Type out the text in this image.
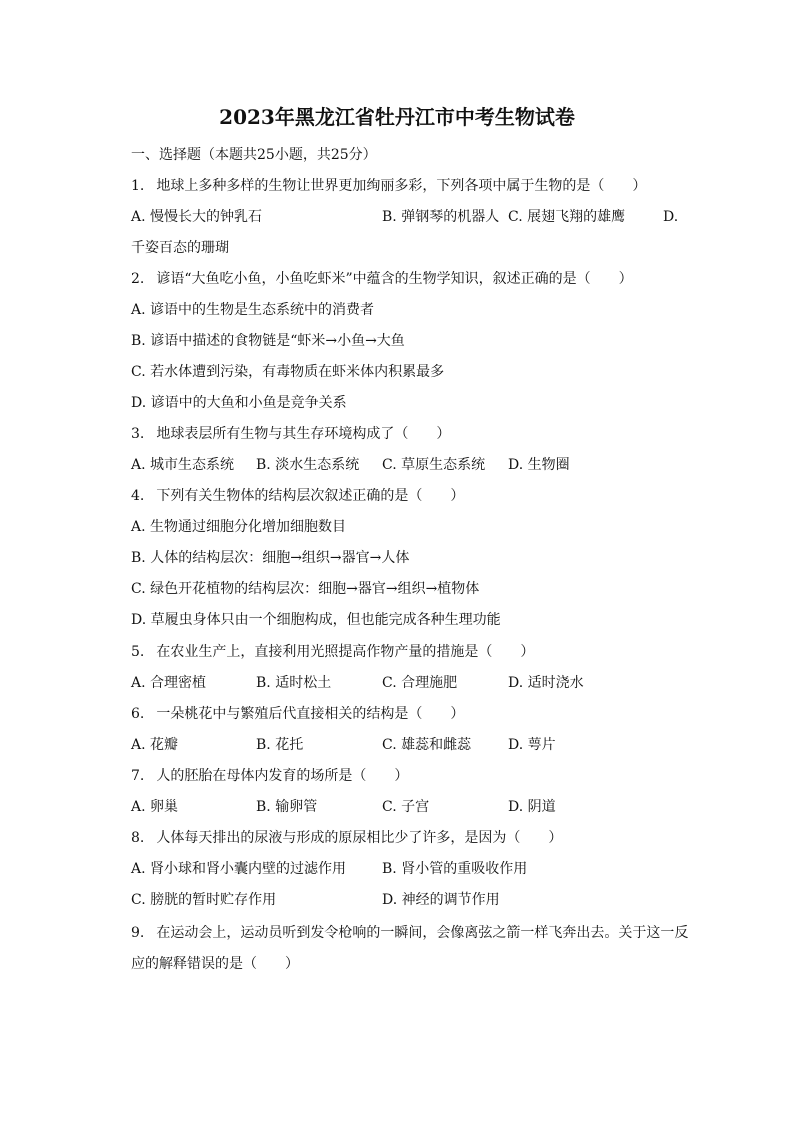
2023年黑龙江省牡丹江市中考生物试卷
一、选择题（本题共25小题，共25分）
1. 地球上多种多样的生物让世界更加绚丽多彩，下列各项中属于生物的是（　　）
A. 慢慢长大的钟乳石	B. 弹钢琴的机器人 C. 展翅飞翔的雄鹰	D.
千姿百态的珊瑚
2. 谚语“大鱼吃小鱼，小鱼吃虾米”中蕴含的生物学知识，叙述正确的是（　　）
A. 谚语中的生物是生态系统中的消费者
B. 谚语中描述的食物链是“虾米→小鱼→大鱼
C. 若水体遭到污染，有毒物质在虾米体内积累最多
D. 谚语中的大鱼和小鱼是竞争关系
3. 地球表层所有生物与其生存环境构成了（　　）
A. 城市生态系统 B. 淡水生态系统 C. 草原生态系统 D. 生物圈
4. 下列有关生物体的结构层次叙述正确的是（　　）
A. 生物通过细胞分化增加细胞数目
B. 人体的结构层次：细胞→组织→器官→人体
C. 绿色开花植物的结构层次：细胞→器官→组织→植物体
D. 草履虫身体只由一个细胞构成，但也能完成各种生理功能
5. 在农业生产上，直接利用光照提高作物产量的措施是（　　）
A. 合理密植	B. 适时松土	C. 合理施肥	D. 适时浇水
6. 一朵桃花中与繁殖后代直接相关的结构是（　　）
A. 花瓣	B. 花托	C. 雄蕊和雌蕊	D. 萼片
7. 人的胚胎在母体内发育的场所是（　　）
A. 卵巢	B. 输卵管	C. 子宫	D. 阴道
8. 人体每天排出的尿液与形成的原尿相比少了许多，是因为（　　）
A. 肾小球和肾小囊内壁的过滤作用	B. 肾小管的重吸收作用
C. 膀胱的暂时贮存作用	D. 神经的调节作用
9. 在运动会上，运动员听到发令枪响的一瞬间，会像离弦之箭一样飞奔出去。关于这一反
应的解释错误的是（　　）
